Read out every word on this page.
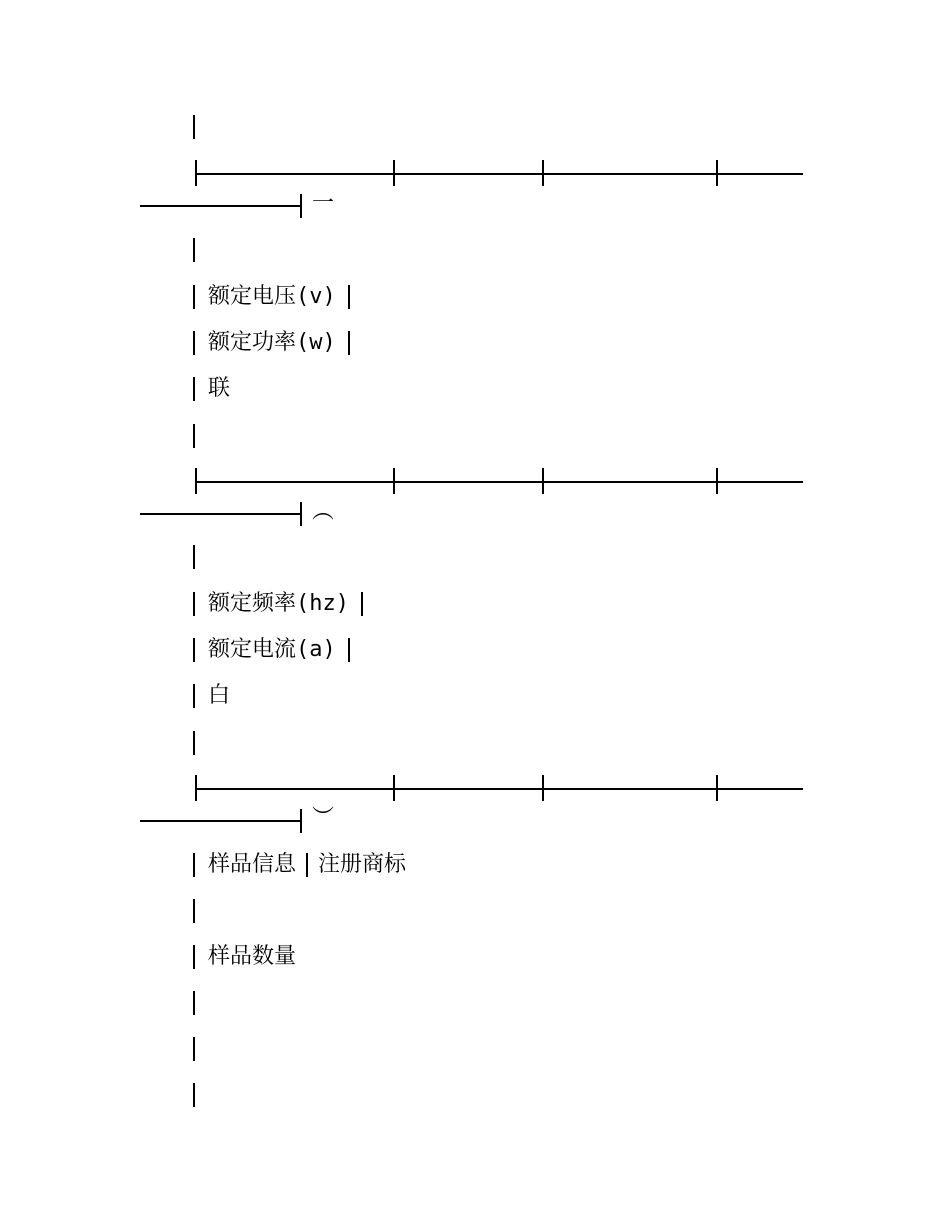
一
额定电压(v)
额定功率(w)
联
︵
额定频率(hz)
额定电流(a)
白
︶
样品信息 注册商标
样品数量
